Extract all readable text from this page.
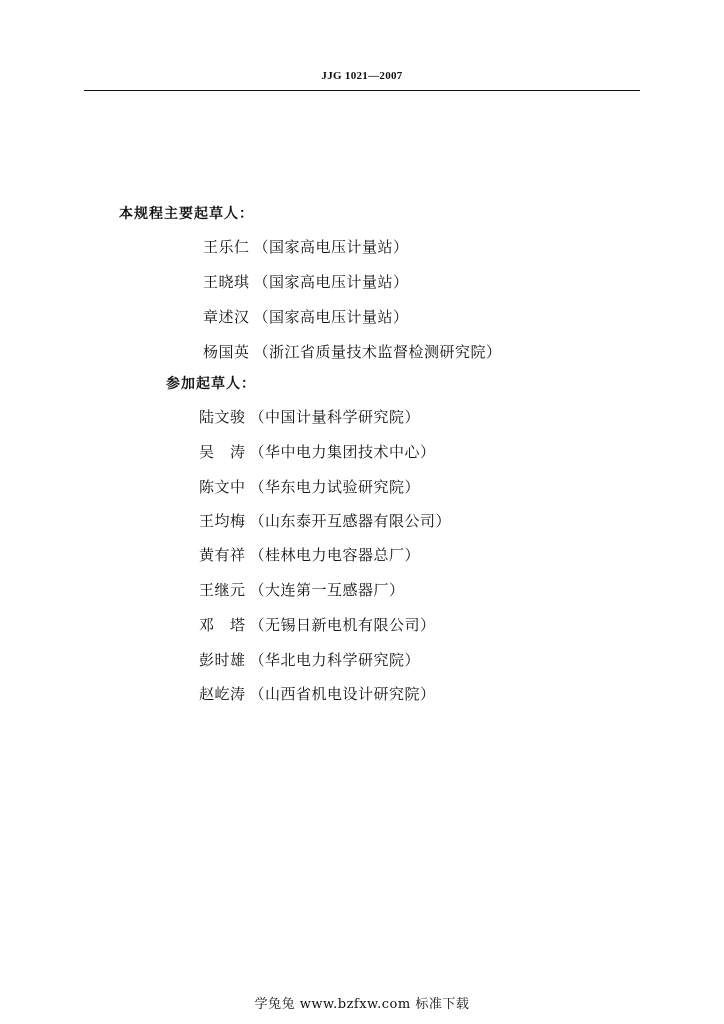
JJG 1021—2007
本规程主要起草人：
王乐仁 （国家高电压计量站）
王晓琪 （国家高电压计量站）
章述汉 （国家高电压计量站）
杨国英 （浙江省质量技术监督检测研究院）
参加起草人：
陆文骏 （中国计量科学研究院）
吴　涛 （华中电力集团技术中心）
陈文中 （华东电力试验研究院）
王均梅 （山东泰开互感器有限公司）
黄有祥 （桂林电力电容器总厂）
王继元 （大连第一互感器厂）
邓　塔 （无锡日新电机有限公司）
彭时雄 （华北电力科学研究院）
赵屹涛 （山西省机电设计研究院）
学兔兔 www.bzfxw.com 标准下载
